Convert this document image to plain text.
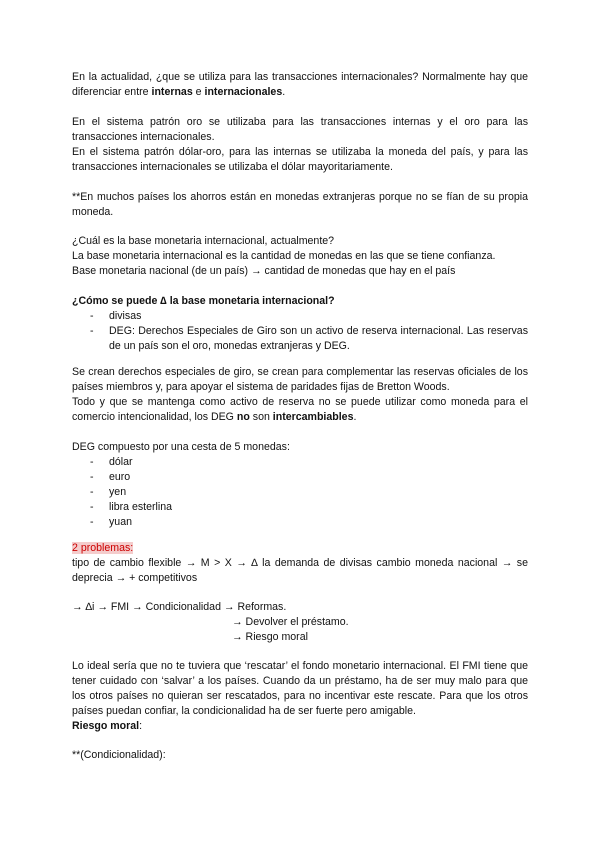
En la actualidad, ¿que se utiliza para las transacciones internacionales? Normalmente hay que diferenciar entre internas e internacionales.

En el sistema patrón oro se utilizaba para las transacciones internas y el oro para las transacciones internacionales.
En el sistema patrón dólar-oro, para las internas se utilizaba la moneda del país, y para las transacciones internacionales se utilizaba el dólar mayoritariamente.

**En muchos países los ahorros están en monedas extranjeras porque no se fían de su propia moneda.

¿Cuál es la base monetaria internacional, actualmente?
La base monetaria internacional es la cantidad de monedas en las que se tiene confianza.
Base monetaria nacional (de un país) → cantidad de monedas que hay en el país

¿Cómo se puede ∆ la base monetaria internacional?
- divisas
- DEG: Derechos Especiales de Giro son un activo de reserva internacional. Las reservas de un país son el oro, monedas extranjeras y DEG.

Se crean derechos especiales de giro, se crean para complementar las reservas oficiales de los países miembros y, para apoyar el sistema de paridades fijas de Bretton Woods.
Todo y que se mantenga como activo de reserva no se puede utilizar como moneda para el comercio intencionalidad, los DEG no son intercambiables.

DEG compuesto por una cesta de 5 monedas:
- dólar
- euro
- yen
- libra esterlina
- yuan
2 problemas:

tipo de cambio flexible → M > X → ∆ la demanda de divisas cambio moneda nacional → se deprecia → + competitivos
→ ∆i → FMI → Condicionalidad → Reformas.
→ Devolver el préstamo.
→ Riesgo moral

Lo ideal sería que no te tuviera que ‘rescatar’ el fondo monetario internacional. El FMI tiene que tener cuidado con ‘salvar’ a los países. Cuando da un préstamo, ha de ser muy malo para que los otros países no quieran ser rescatados, para no incentivar este rescate. Para que los otros países puedan confiar, la condicionalidad ha de ser fuerte pero amigable.

Riesgo moral:

**(Condicionalidad):
